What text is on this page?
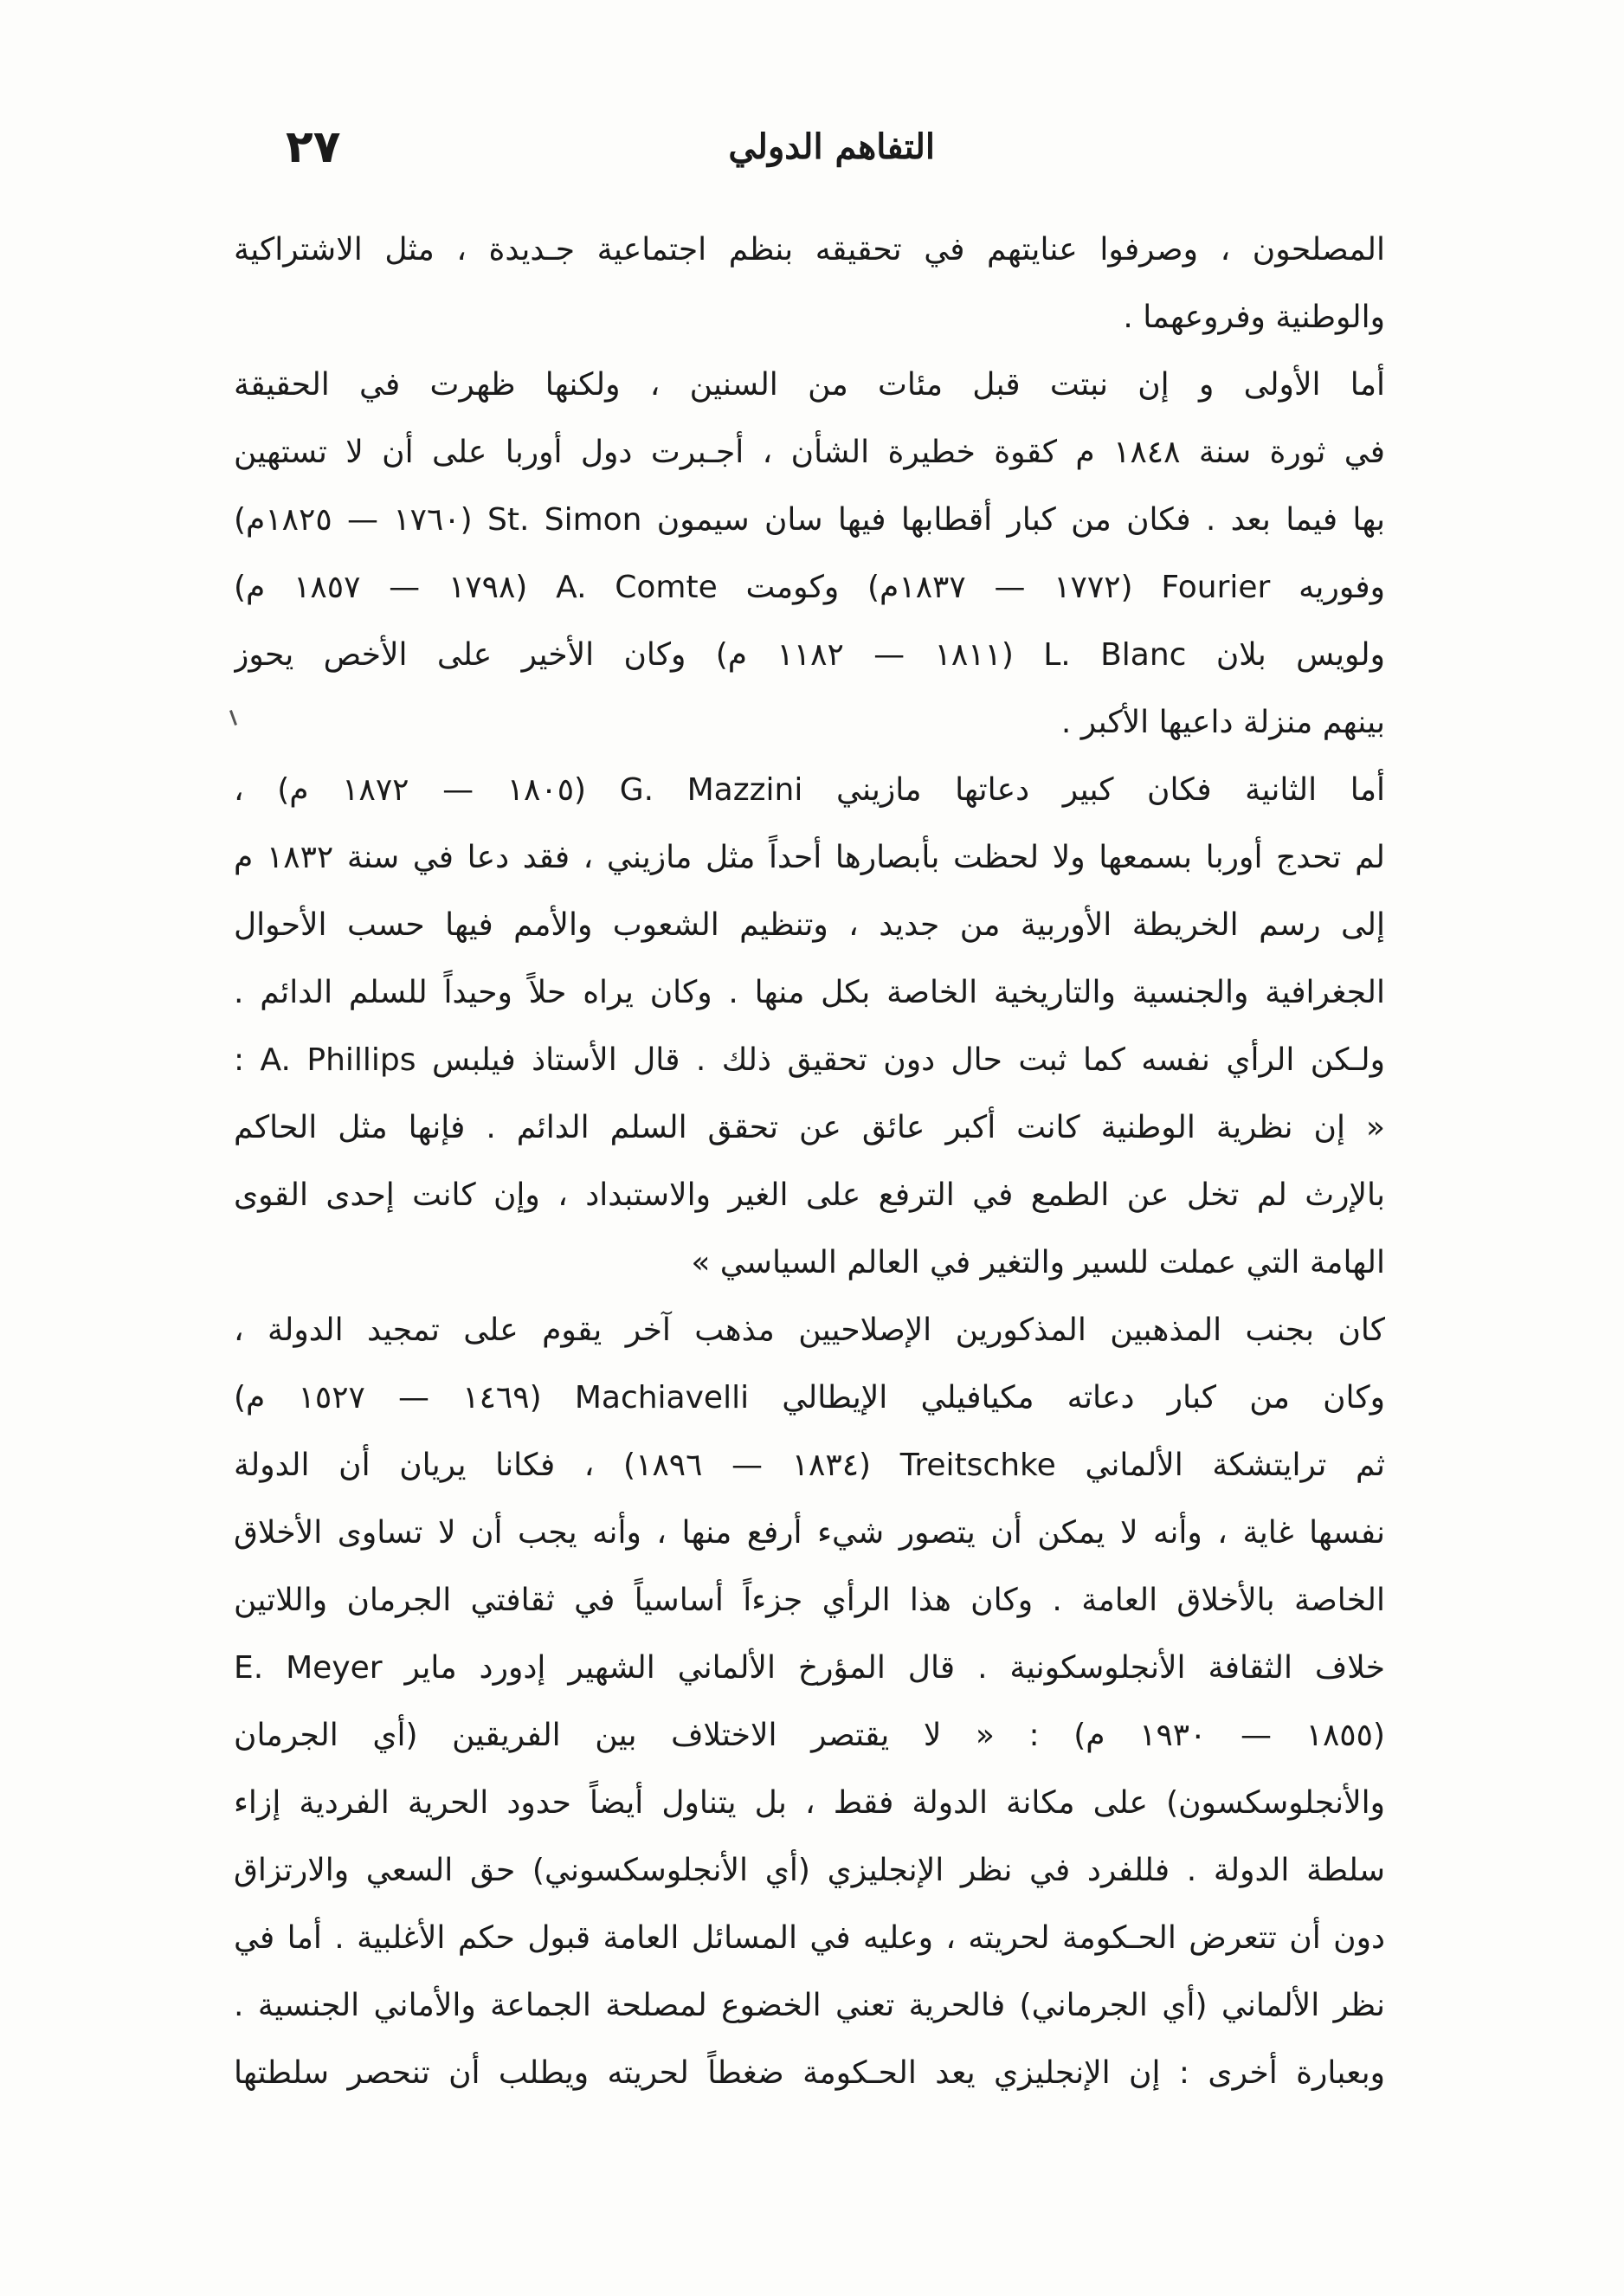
التفاهم الدولي
٢٧
المصلحون ، وصرفوا عنايتهم في تحقيقه بنظم اجتماعية جـديدة ، مثل الاشتراكية
والوطنية وفروعهما .
أما الأولى و إن نبتت قبل مئات من السنين ، ولكنها ظهرت في الحقيقة
في ثورة سنة ١٨٤٨ م كقوة خطيرة الشأن ، أجـبرت دول أوربا على أن لا تستهين
بها فيما بعد . فكان من كبار أقطابها فيها سان سيمون St. Simon (١٧٦٠ — ١٨٢٥م)
وفوريه Fourier (١٧٧٢ — ١٨٣٧م) وكومت A. Comte (١٧٩٨ — ١٨٥٧ م)
ولويس بلان L. Blanc (١٨١١ — ١١٨٢ م) وكان الأخير على الأخص يحوز
بينهم منزلة داعيها الأكبر .
أما الثانية فكان كبير دعاتها مازيني G. Mazzini (١٨٠٥ — ١٨٧٢ م) ،
لم تحدج أوربا بسمعها ولا لحظت بأبصارها أحداً مثل مازيني ، فقد دعا في سنة ١٨٣٢ م
إلى رسم الخريطة الأوربية من جديد ، وتنظيم الشعوب والأمم فيها حسب الأحوال
الجغرافية والجنسية والتاريخية الخاصة بكل منها . وكان يراه حلاً وحيداً للسلم الدائم .
ولـكن الرأي نفسه كما ثبت حال دون تحقيق ذلك . قال الأستاذ فيلبس A. Phillips :
« إن نظرية الوطنية كانت أكبر عائق عن تحقق السلم الدائم . فإنها مثل الحاكم
بالإرث لم تخل عن الطمع في الترفع على الغير والاستبداد ، وإن كانت إحدى القوى
الهامة التي عملت للسير والتغير في العالم السياسي »
كان بجنب المذهبين المذكورين الإصلاحيين مذهب آخر يقوم على تمجيد الدولة ،
وكان من كبار دعاته مكيافيلي الإيطالي Machiavelli (١٤٦٩ — ١٥٢٧ م)
ثم ترايتشكة الألماني Treitschke (١٨٣٤ — ١٨٩٦) ، فكانا يريان أن الدولة
نفسها غاية ، وأنه لا يمكن أن يتصور شيء أرفع منها ، وأنه يجب أن لا تساوى الأخلاق
الخاصة بالأخلاق العامة . وكان هذا الرأي جزءاً أساسياً في ثقافتي الجرمان واللاتين
خلاف الثقافة الأنجلوسكونية . قال المؤرخ الألماني الشهير إدورد ماير E. Meyer
(١٨٥٥ — ١٩٣٠ م) : « لا يقتصر الاختلاف بين الفريقين (أي الجرمان
والأنجلوسكسون) على مكانة الدولة فقط ، بل يتناول أيضاً حدود الحرية الفردية إزاء
سلطة الدولة . فللفرد في نظر الإنجليزي (أي الأنجلوسكسوني) حق السعي والارتزاق
دون أن تتعرض الحـكومة لحريته ، وعليه في المسائل العامة قبول حكم الأغلبية . أما في
نظر الألماني (أي الجرماني) فالحرية تعني الخضوع لمصلحة الجماعة والأماني الجنسية .
وبعبارة أخرى : إن الإنجليزي يعد الحـكومة ضغطاً لحريته ويطلب أن تنحصر سلطتها
